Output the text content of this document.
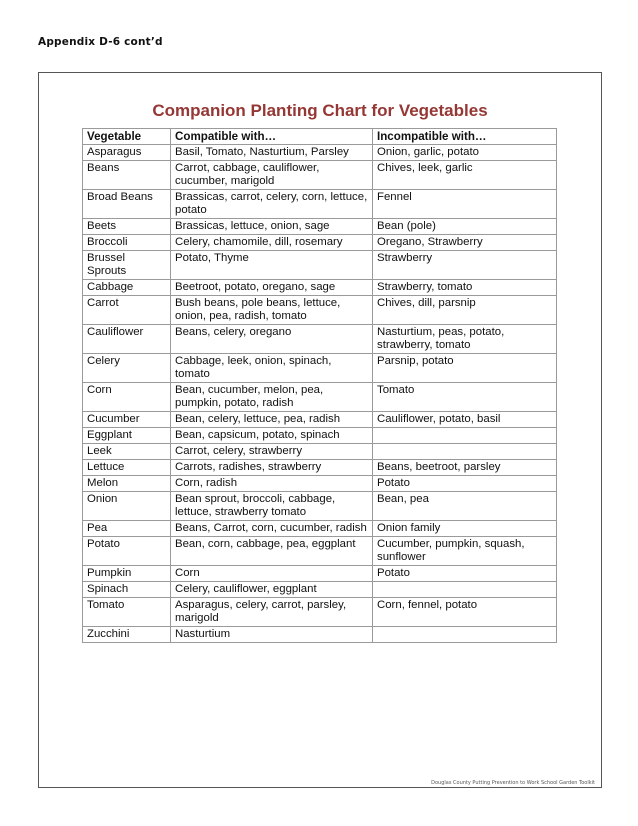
Appendix D-6 cont’d
Companion Planting Chart for Vegetables
Vegetable	Compatible with…	Incompatible with…
Asparagus	Basil, Tomato, Nasturtium, Parsley	Onion, garlic, potato
Beans	Carrot, cabbage, cauliflower, cucumber, marigold	Chives, leek, garlic
Broad Beans	Brassicas, carrot, celery, corn, lettuce, potato	Fennel
Beets	Brassicas, lettuce, onion, sage	Bean (pole)
Broccoli	Celery, chamomile, dill, rosemary	Oregano, Strawberry
Brussel Sprouts	Potato, Thyme	Strawberry
Cabbage	Beetroot, potato, oregano, sage	Strawberry, tomato
Carrot	Bush beans, pole beans, lettuce, onion, pea, radish, tomato	Chives, dill, parsnip
Cauliflower	Beans, celery, oregano	Nasturtium, peas, potato, strawberry, tomato
Celery	Cabbage, leek, onion, spinach, tomato	Parsnip, potato
Corn	Bean, cucumber, melon, pea, pumpkin, potato, radish	Tomato
Cucumber	Bean, celery, lettuce, pea, radish	Cauliflower, potato, basil
Eggplant	Bean, capsicum, potato, spinach	
Leek	Carrot, celery, strawberry	
Lettuce	Carrots, radishes, strawberry	Beans, beetroot, parsley
Melon	Corn, radish	Potato
Onion	Bean sprout, broccoli, cabbage, lettuce, strawberry tomato	Bean, pea
Pea	Beans, Carrot, corn, cucumber, radish	Onion family
Potato	Bean, corn, cabbage, pea, eggplant	Cucumber, pumpkin, squash, sunflower
Pumpkin	Corn	Potato
Spinach	Celery, cauliflower, eggplant	
Tomato	Asparagus, celery, carrot, parsley, marigold	Corn, fennel, potato
Zucchini	Nasturtium	
Douglas County Putting Prevention to Work School Garden Toolkit
